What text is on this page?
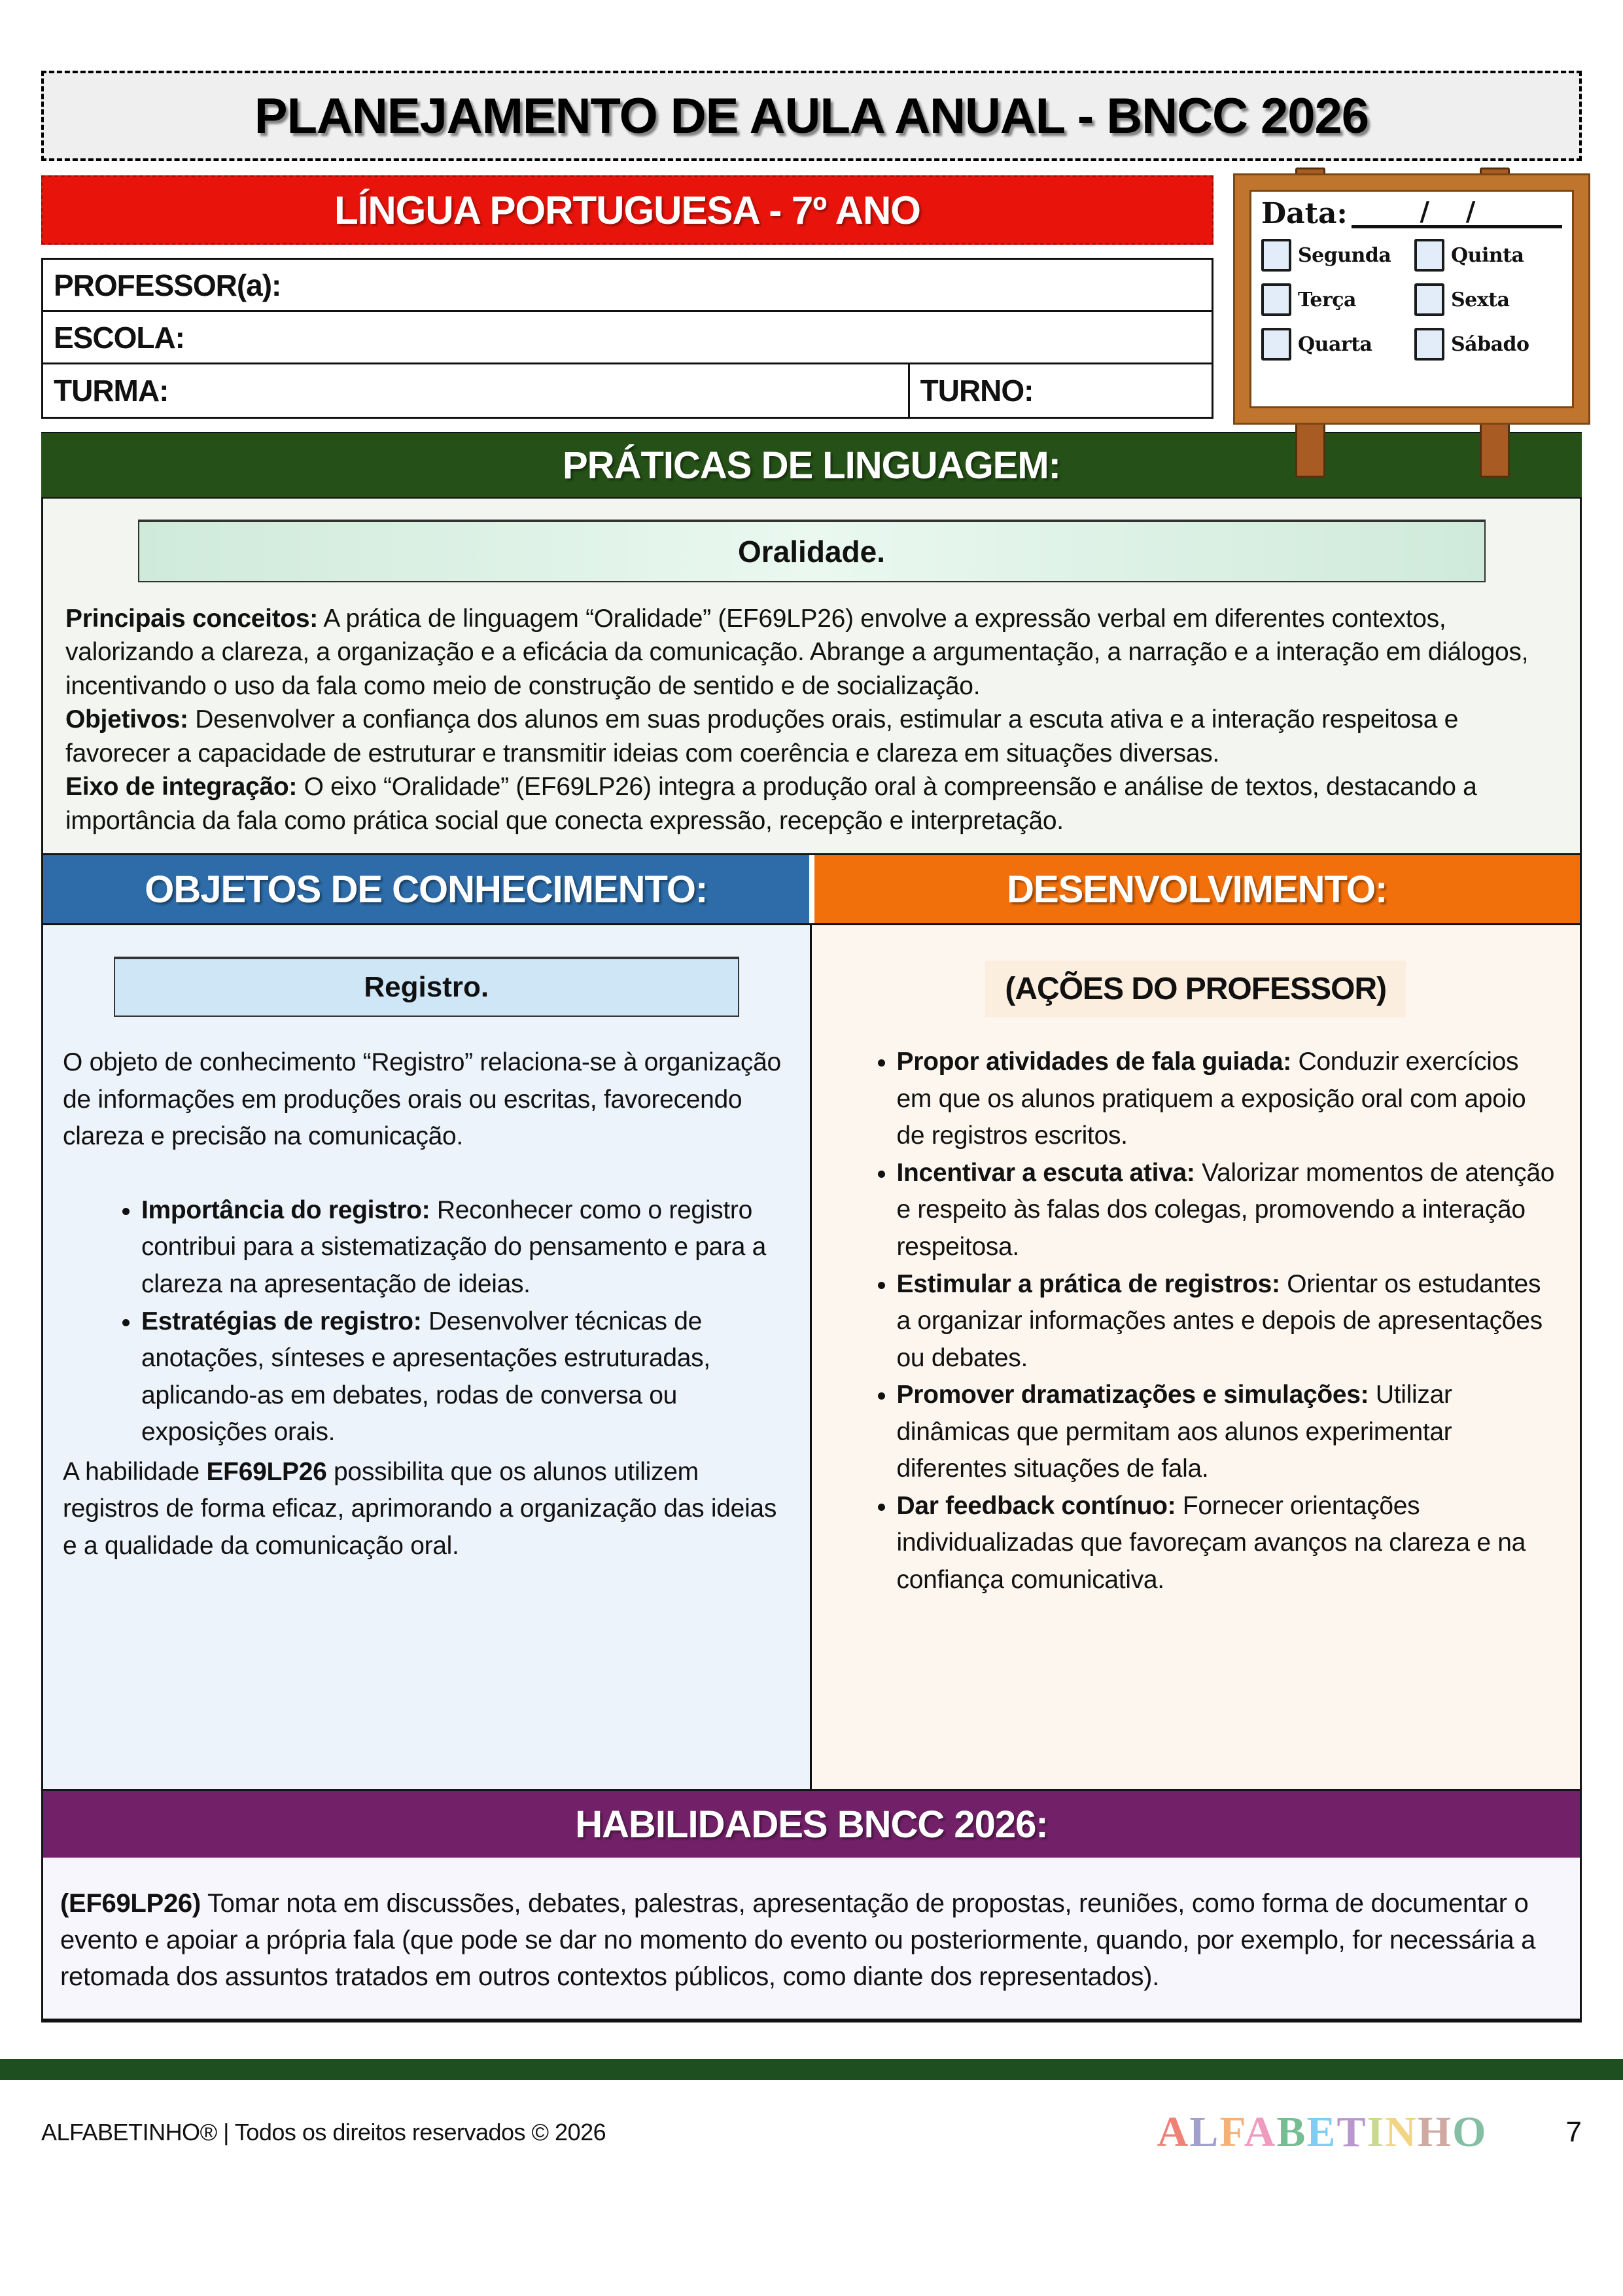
PLANEJAMENTO DE AULA ANUAL - BNCC 2026
LÍNGUA PORTUGUESA - 7º ANO
PROFESSOR(a):
ESCOLA:
TURMA:	TURNO:
Data:	/    /
Segunda	Quinta
Terça	Sexta
Quarta	Sábado
PRÁTICAS DE LINGUAGEM:
Oralidade.
Principais conceitos: A prática de linguagem “Oralidade” (EF69LP26) envolve a expressão verbal em diferentes contextos, valorizando a clareza, a organização e a eficácia da comunicação. Abrange a argumentação, a narração e a interação em diálogos, incentivando o uso da fala como meio de construção de sentido e de socialização.
Objetivos: Desenvolver a confiança dos alunos em suas produções orais, estimular a escuta ativa e a interação respeitosa e favorecer a capacidade de estruturar e transmitir ideias com coerência e clareza em situações diversas.
Eixo de integração: O eixo “Oralidade” (EF69LP26) integra a produção oral à compreensão e análise de textos, destacando a importância da fala como prática social que conecta expressão, recepção e interpretação.
OBJETOS DE CONHECIMENTO:	DESENVOLVIMENTO:
Registro.

O objeto de conhecimento “Registro” relaciona-se à organização de informações em produções orais ou escritas, favorecendo clareza e precisão na comunicação.

• Importância do registro: Reconhecer como o registro contribui para a sistematização do pensamento e para a clareza na apresentação de ideias.
• Estratégias de registro: Desenvolver técnicas de anotações, sínteses e apresentações estruturadas, aplicando-as em debates, rodas de conversa ou exposições orais.

A habilidade EF69LP26 possibilita que os alunos utilizem registros de forma eficaz, aprimorando a organização das ideias e a qualidade da comunicação oral.

(AÇÕES DO PROFESSOR)
• Propor atividades de fala guiada: Conduzir exercícios em que os alunos pratiquem a exposição oral com apoio de registros escritos.
• Incentivar a escuta ativa: Valorizar momentos de atenção e respeito às falas dos colegas, promovendo a interação respeitosa.
• Estimular a prática de registros: Orientar os estudantes a organizar informações antes e depois de apresentações ou debates.
• Promover dramatizações e simulações: Utilizar dinâmicas que permitam aos alunos experimentar diferentes situações de fala.
• Dar feedback contínuo: Fornecer orientações individualizadas que favoreçam avanços na clareza e na confiança comunicativa.
HABILIDADES BNCC 2026:
(EF69LP26) Tomar nota em discussões, debates, palestras, apresentação de propostas, reuniões, como forma de documentar o evento e apoiar a própria fala (que pode se dar no momento do evento ou posteriormente, quando, por exemplo, for necessária a retomada dos assuntos tratados em outros contextos públicos, como diante dos representados).
ALFABETINHO® | Todos os direitos reservados © 2026	ALFABETINHO	7
